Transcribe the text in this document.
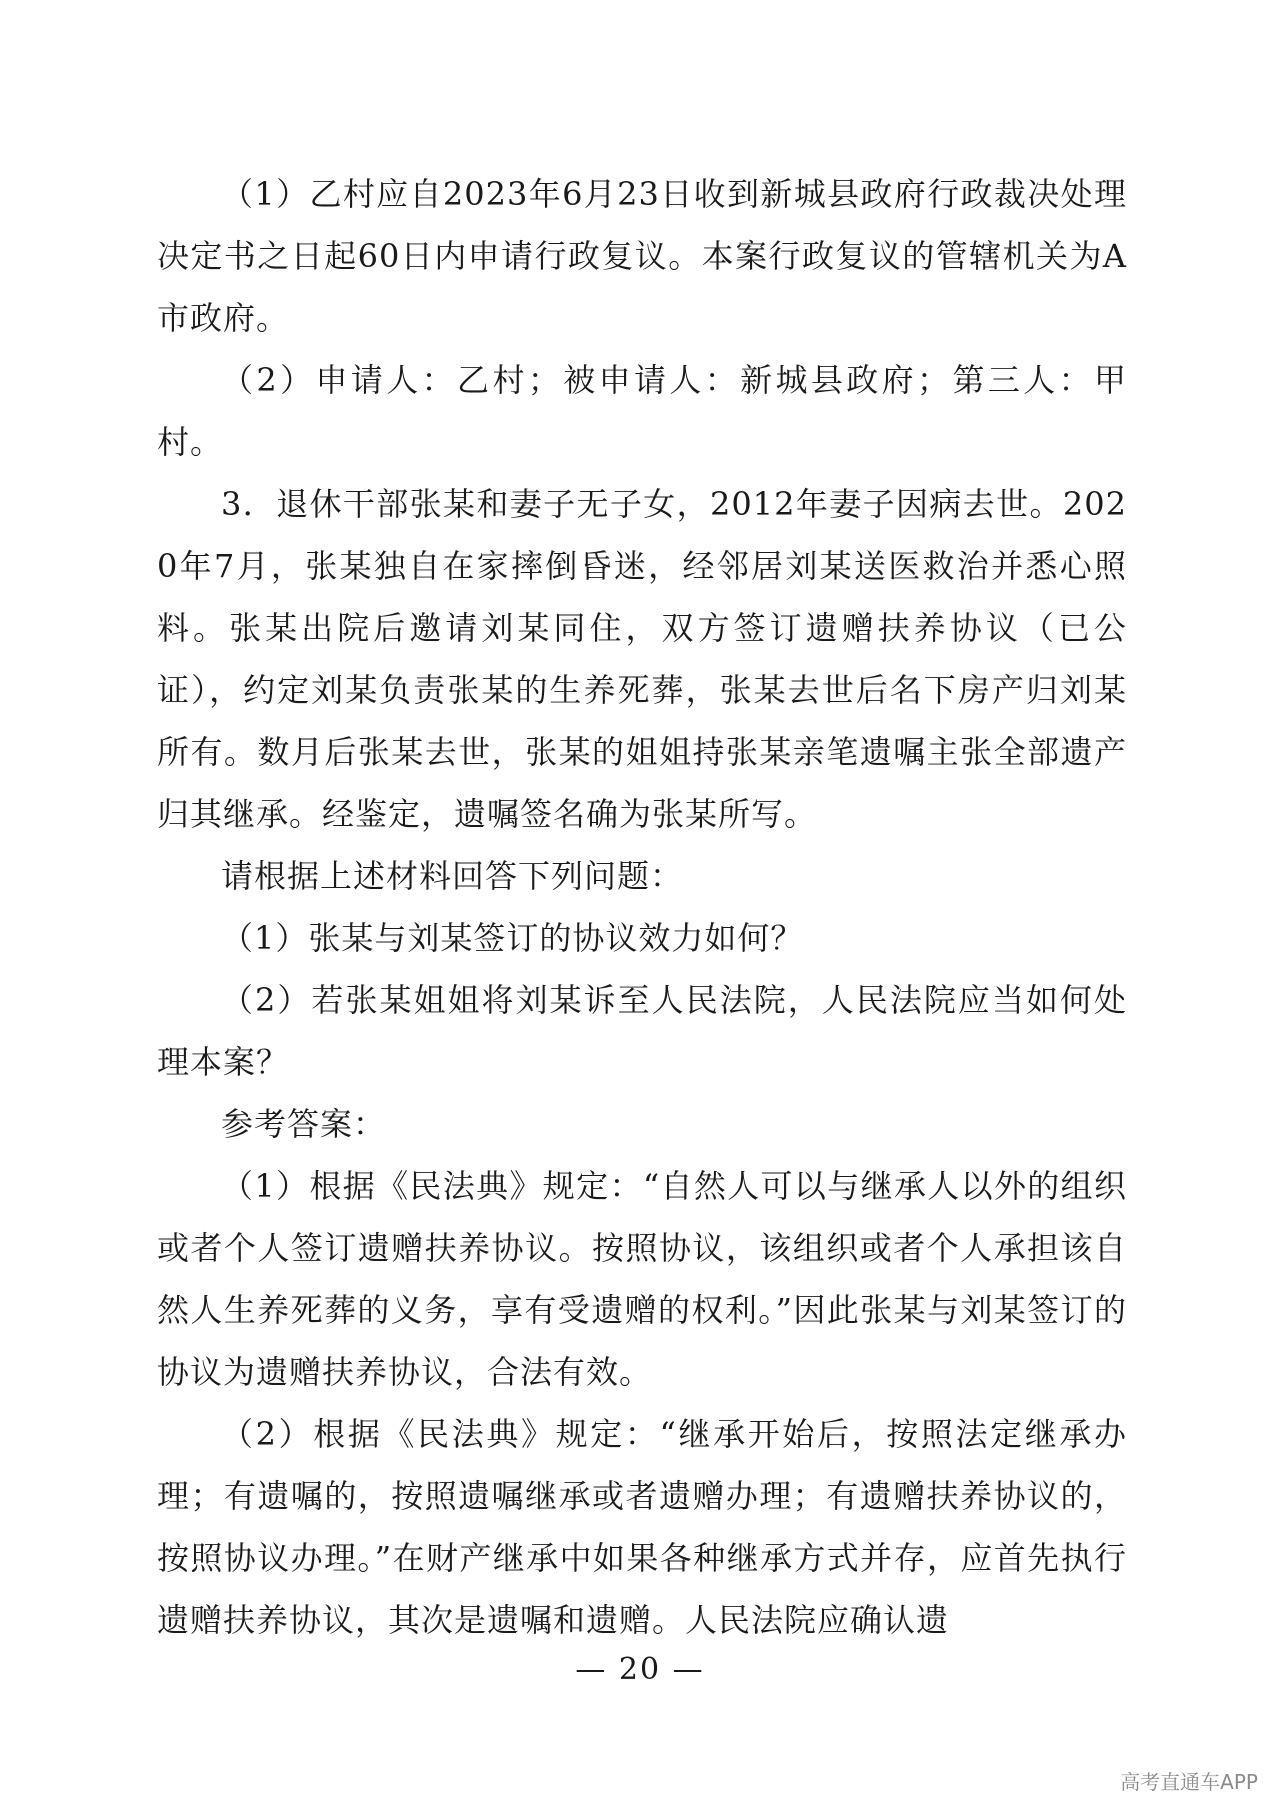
（1）乙村应自2023年6月23日收到新城县政府行政裁决处理决定书之日起60日内申请行政复议。本案行政复议的管辖机关为A市政府。

（2）申请人：乙村；被申请人：新城县政府；第三人：甲村。

3．退休干部张某和妻子无子女，2012年妻子因病去世。2020年7月，张某独自在家摔倒昏迷，经邻居刘某送医救治并悉心照料。张某出院后邀请刘某同住，双方签订遗赠扶养协议（已公证），约定刘某负责张某的生养死葬，张某去世后名下房产归刘某所有。数月后张某去世，张某的姐姐持张某亲笔遗嘱主张全部遗产归其继承。经鉴定，遗嘱签名确为张某所写。

请根据上述材料回答下列问题：

（1）张某与刘某签订的协议效力如何？

（2）若张某姐姐将刘某诉至人民法院，人民法院应当如何处理本案？

参考答案：

（1）根据《民法典》规定：“自然人可以与继承人以外的组织或者个人签订遗赠扶养协议。按照协议，该组织或者个人承担该自然人生养死葬的义务，享有受遗赠的权利。”因此张某与刘某签订的协议为遗赠扶养协议，合法有效。

（2）根据《民法典》规定：“继承开始后，按照法定继承办理；有遗嘱的，按照遗嘱继承或者遗赠办理；有遗赠扶养协议的，按照协议办理。”在财产继承中如果各种继承方式并存，应首先执行遗赠扶养协议，其次是遗嘱和遗赠。人民法院应确认遗

— 20 —
高考直通车APP
